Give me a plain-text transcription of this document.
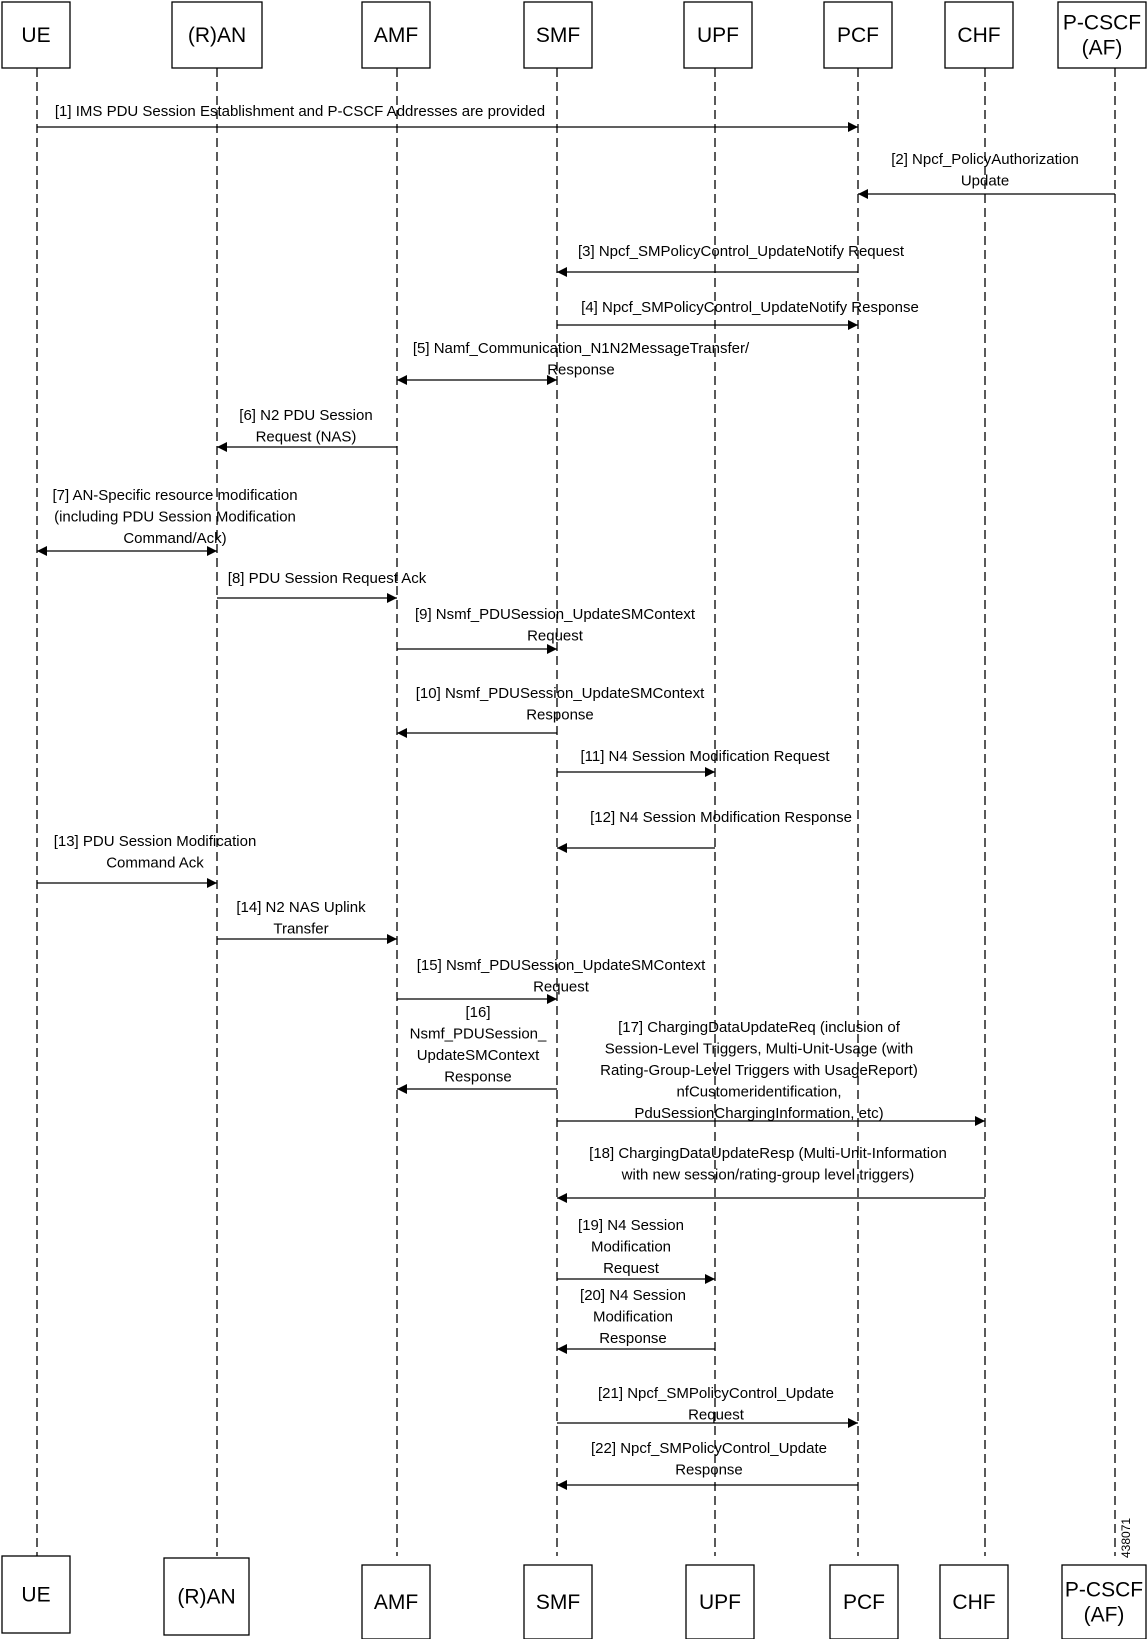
UE	(R)AN	AMF	SMF	UPF	PCF	CHF
P-CSCF
(AF)
UE	(R)AN	AMF	SMF	UPF	PCF	CHF
P-CSCF
(AF)
[1] IMS PDU Session Establishment and P-CSCF Addresses are provided
[2] Npcf_PolicyAuthorization
Update
[3] Npcf_SMPolicyControl_UpdateNotify Request
[4] Npcf_SMPolicyControl_UpdateNotify Response
[5] Namf_Communication_N1N2MessageTransfer/
Response
[6] N2 PDU Session
Request (NAS)
[7] AN-Specific resource modification
(including PDU Session Modification
Command/Ack)
[8] PDU Session Request Ack
[9] Nsmf_PDUSession_UpdateSMContext
Request
[10] Nsmf_PDUSession_UpdateSMContext
Response
[11] N4 Session Modification Request
[12] N4 Session Modification Response
[13] PDU Session Modification
Command Ack
[14] N2 NAS Uplink
Transfer
[15] Nsmf_PDUSession_UpdateSMContext
Request
[16]
Nsmf_PDUSession_
UpdateSMContext
Response
[17] ChargingDataUpdateReq (inclusion of
Session-Level Triggers, Multi-Unit-Usage (with
Rating-Group-Level Triggers with UsageReport)
nfCustomeridentification,
PduSessionChargingInformation, etc)
[18] ChargingDataUpdateResp (Multi-Unit-Information
with new session/rating-group level triggers)
[19] N4 Session
Modification
Request
[20] N4 Session
Modification
Response
[21] Npcf_SMPolicyControl_Update
Request
[22] Npcf_SMPolicyControl_Update
Response
438071
